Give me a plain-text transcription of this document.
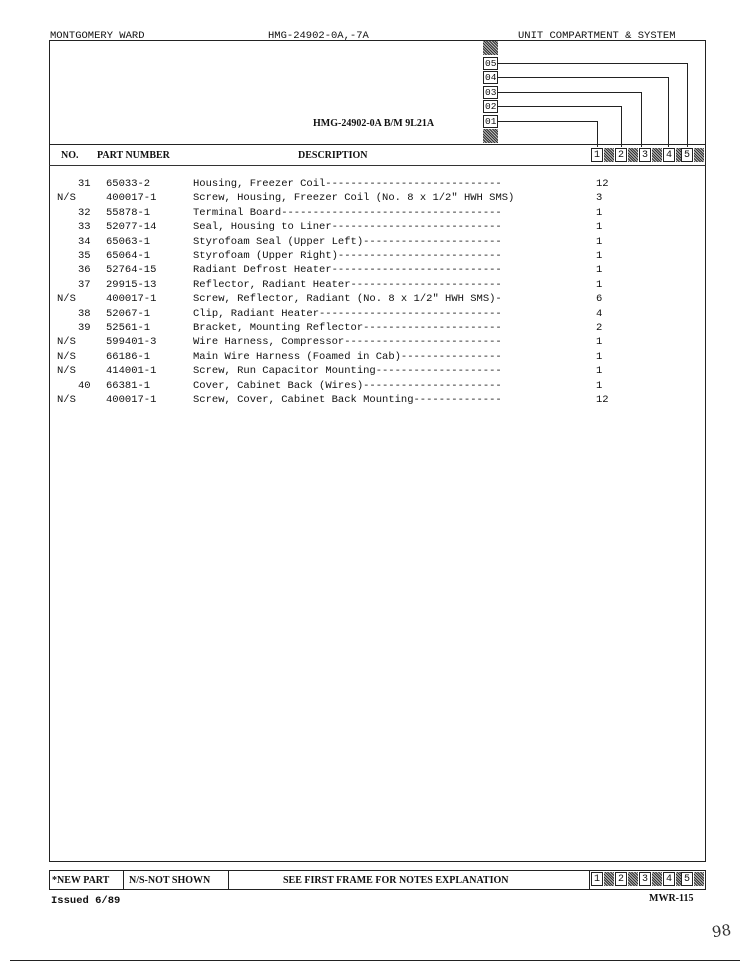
MONTGOMERY WARD	HMG-24902-0A,-7A	UNIT COMPARTMENT & SYSTEM
05
04
03
02
01
HMG-24902-0A B/M 9L21A
NO. PART NUMBER	DESCRIPTION	1	2	3	4	5
31 65033-2	Housing, Freezer Coil ----------------------------	12
N/S	400017-1	Screw, Housing, Freezer Coil (No. 8 x 1/2" HWH SMS)	3
32 55878-1	Terminal Board -----------------------------------	1
33 52077-14	Seal, Housing to Liner ---------------------------	1
34 65063-1	Styrofoam Seal (Upper Left) ----------------------	1
35 65064-1	Styrofoam (Upper Right) --------------------------	1
36 52764-15	Radiant Defrost Heater ---------------------------	1
37 29915-13	Reflector, Radiant Heater ------------------------	1
N/S	400017-1	Screw, Reflector, Radiant (No. 8 x 1/2" HWH SMS) -	6
38 52067-1	Clip, Radiant Heater -----------------------------	4
39 52561-1	Bracket, Mounting Reflector ----------------------	2
N/S	599401-3	Wire Harness, Compressor -------------------------	1
N/S	66186-1	Main Wire Harness (Foamed in Cab) ----------------	1
N/S	414001-1	Screw, Run Capacitor Mounting --------------------	1
40 66381-1	Cover, Cabinet Back (Wires) ----------------------	1
N/S	400017-1	Screw, Cover, Cabinet Back Mounting --------------	12
*NEW PART N/S-NOT SHOWN	SEE FIRST FRAME FOR NOTES EXPLANATION	1	2	3	4	5
Issued 6/89	MWR-115
98
